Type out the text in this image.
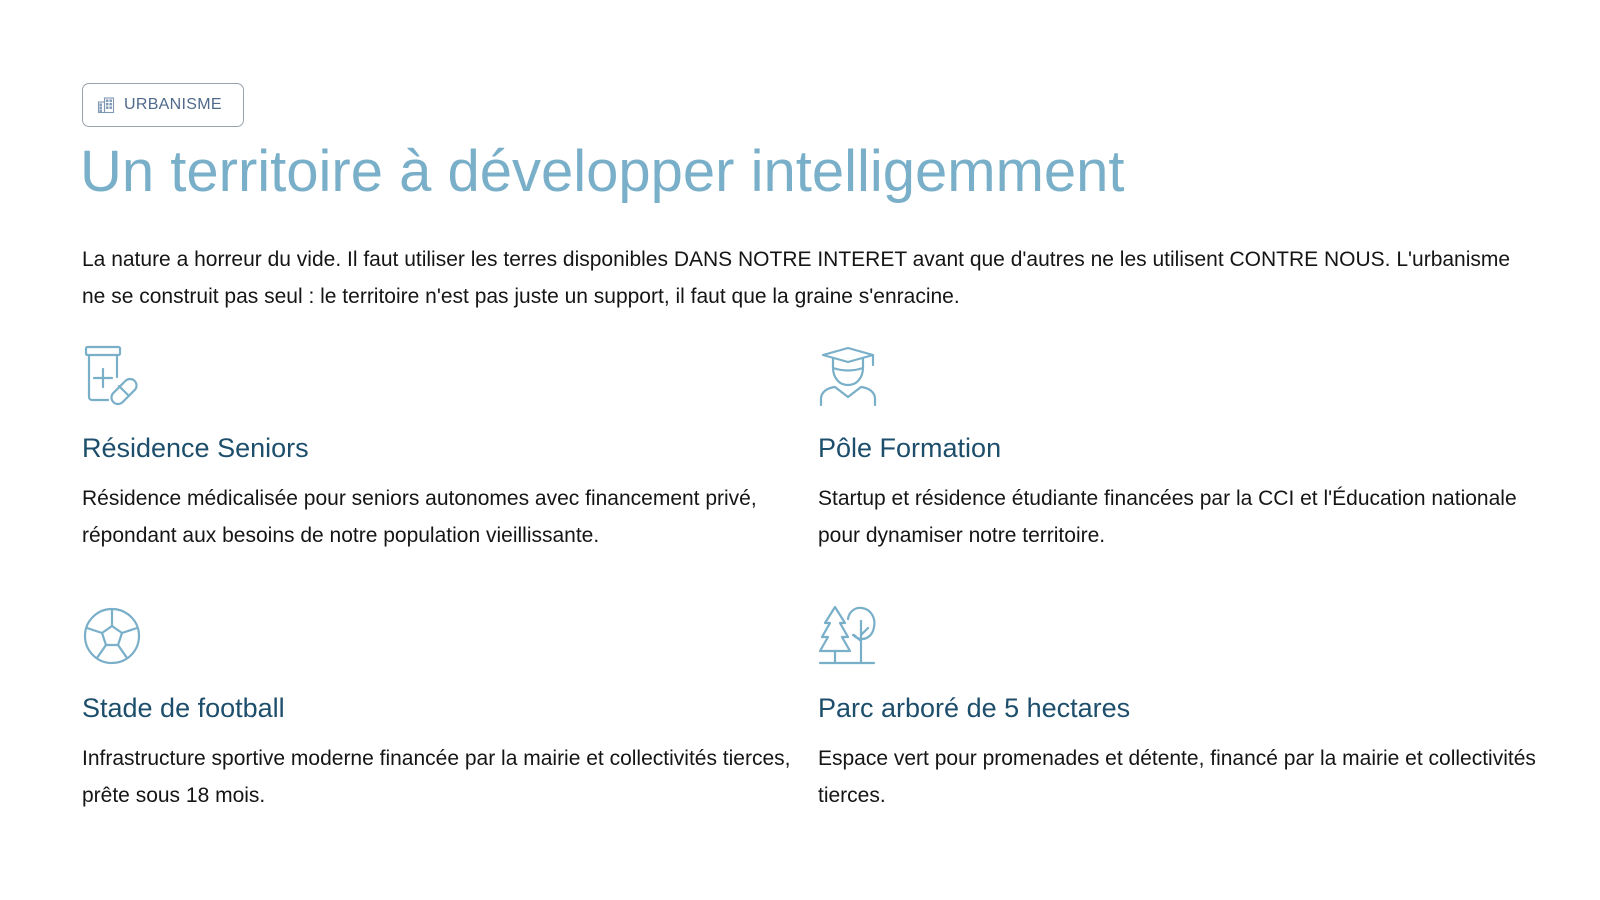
URBANISME
Un territoire à développer intelligemment

La nature a horreur du vide. Il faut utiliser les terres disponibles DANS NOTRE INTERET avant que d'autres ne les utilisent CONTRE NOUS. L'urbanisme ne se construit pas seul : le territoire n'est pas juste un support, il faut que la graine s'enracine.

Résidence Seniors

Résidence médicalisée pour seniors autonomes avec financement privé, répondant aux besoins de notre population vieillissante.

Pôle Formation

Startup et résidence étudiante financées par la CCI et l'Éducation nationale pour dynamiser notre territoire.

Stade de football

Infrastructure sportive moderne financée par la mairie et collectivités tierces, prête sous 18 mois.

Parc arboré de 5 hectares

Espace vert pour promenades et détente, financé par la mairie et collectivités tierces.
